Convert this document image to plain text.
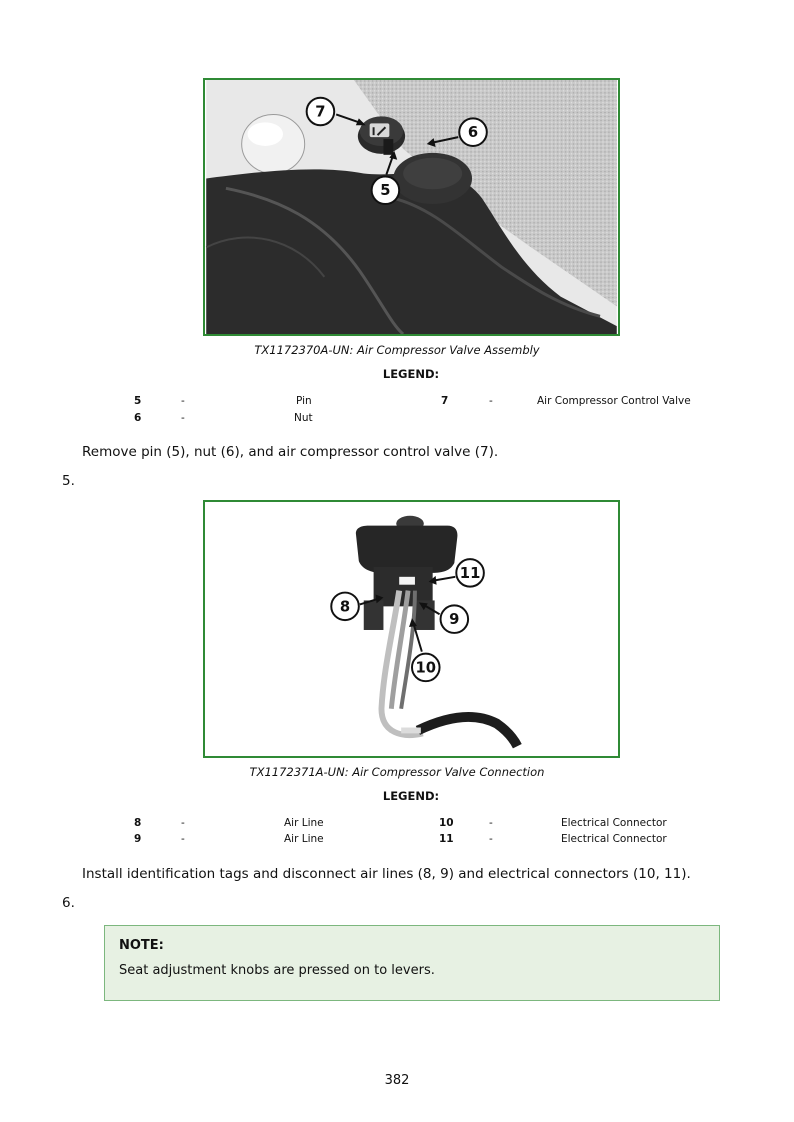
7
6
5
TX1172370A-UN: Air Compressor Valve Assembly
LEGEND:
5	-	Pin
6	-	Nut
7	-	Air Compressor Control Valve
Remove pin (5), nut (6), and air compressor control valve (7).
5.
11
8
9
10
TX1172371A-UN: Air Compressor Valve Connection
LEGEND:
8	-	Air Line
9	-	Air Line
10	-	Electrical Connector
11	-	Electrical Connector
Install identification tags and disconnect air lines (8, 9) and electrical connectors (10, 11).
6.
NOTE:
Seat adjustment knobs are pressed on to levers.
382
